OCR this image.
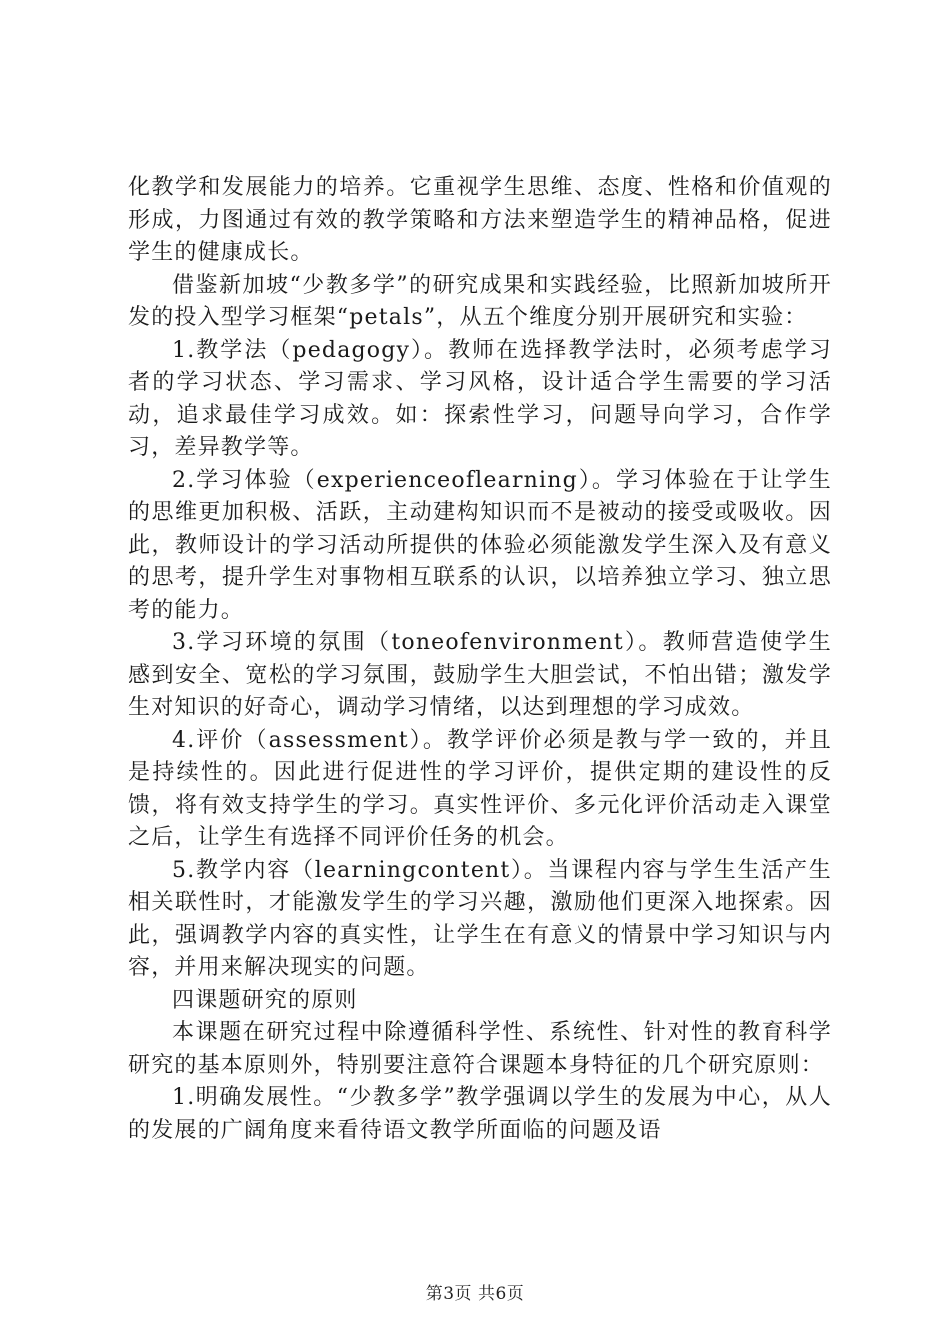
化教学和发展能力的培养。它重视学生思维、态度、性格和价值观的形成，力图通过有效的教学策略和方法来塑造学生的精神品格，促进学生的健康成长。

借鉴新加坡“少教多学”的研究成果和实践经验，比照新加坡所开发的投入型学习框架“petals”，从五个维度分别开展研究和实验：

1.教学法（pedagogy）。教师在选择教学法时，必须考虑学习者的学习状态、学习需求、学习风格，设计适合学生需要的学习活动，追求最佳学习成效。如：探索性学习，问题导向学习，合作学习，差异教学等。

2.学习体验（experienceoflearning）。学习体验在于让学生的思维更加积极、活跃，主动建构知识而不是被动的接受或吸收。因此，教师设计的学习活动所提供的体验必须能激发学生深入及有意义的思考，提升学生对事物相互联系的认识，以培养独立学习、独立思考的能力。

3.学习环境的氛围（toneofenvironment）。教师营造使学生感到安全、宽松的学习氛围，鼓励学生大胆尝试，不怕出错；激发学生对知识的好奇心，调动学习情绪，以达到理想的学习成效。

4.评价（assessment）。教学评价必须是教与学一致的，并且是持续性的。因此进行促进性的学习评价，提供定期的建设性的反馈，将有效支持学生的学习。真实性评价、多元化评价活动走入课堂之后，让学生有选择不同评价任务的机会。

5.教学内容（learningcontent）。当课程内容与学生生活产生相关联性时，才能激发学生的学习兴趣，激励他们更深入地探索。因此，强调教学内容的真实性，让学生在有意义的情景中学习知识与内容，并用来解决现实的问题。

四课题研究的原则

本课题在研究过程中除遵循科学性、系统性、针对性的教育科学研究的基本原则外，特别要注意符合课题本身特征的几个研究原则：

1.明确发展性。“少教多学”教学强调以学生的发展为中心，从人的发展的广阔角度来看待语文教学所面临的问题及语

第3页 共6页
